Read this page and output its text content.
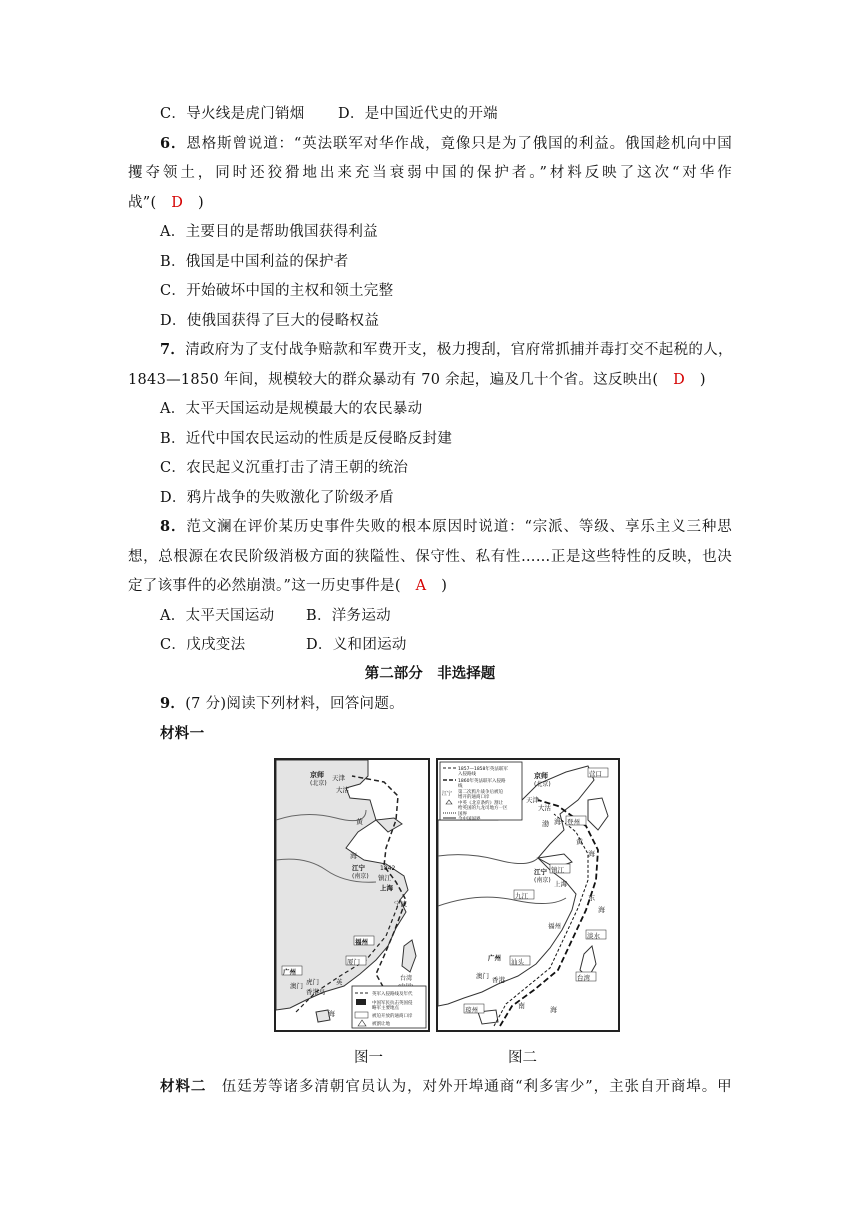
C．导火线是虎门销烟 D．是中国近代史的开端
6．恩格斯曾说道：“英法联军对华作战，竟像只是为了俄国的利益。俄国趁机向中国
攫夺领土，同时还狡猾地出来充当衰弱中国的保护者。”材料反映了这次“对华作
战”(　D　)
A．主要目的是帮助俄国获得利益
B．俄国是中国利益的保护者
C．开始破坏中国的主权和领土完整
D．使俄国获得了巨大的侵略权益
7．清政府为了支付战争赔款和军费开支，极力搜刮，官府常抓捕并毒打交不起税的人，
1843—1850 年间，规模较大的群众暴动有 70 余起，遍及几十个省。这反映出(　D　)
A．太平天国运动是规模最大的农民暴动
B．近代中国农民运动的性质是反侵略反封建
C．农民起义沉重打击了清王朝的统治
D．鸦片战争的失败激化了阶级矛盾
8．范文澜在评价某历史事件失败的根本原因时说道：“宗派、等级、享乐主义三种思
想，总根源在农民阶级消极方面的狭隘性、保守性、私有性……正是这些特性的反映，也决
定了该事件的必然崩溃。”这一历史事件是(　A　)
A．太平天国运动 B．洋务运动
C．戊戌变法	D．义和团运动
第二部分　非选择题
9．(7 分)阅读下列材料，回答问题。
材料一
京师
(北京)
天津
大沽
黄
海
江宁
(南京)
1842
镇江
上海
宁波
福州
厦门
台湾
广州
澳门 虎门
香港岛
英
海
英军入侵路线及年代
中国军民抗击英国侵
略军主要地点
被迫开放的通商口岸
被割让地
1857—1858年英法联军
入侵路线
1860年英法联军入侵路
线
江宁 第二次鸦片战争后被迫
增开的通商口岸
中英《北京条约》割让
给英国的九龙司地方一区
国界
今中国国界
营口
京师
(北京)
天津
大沽
登州
渤 海
黄
海
江宁
(南京)
镇江
上海
东
海
九江
福州
淡水
汕头
广州
澳门 香港	台湾
琼州	南	海
图一	图二
材料二　 伍廷芳等诸多清朝官员认为，对外开埠通商“利多害少”，主张自开商埠。甲
